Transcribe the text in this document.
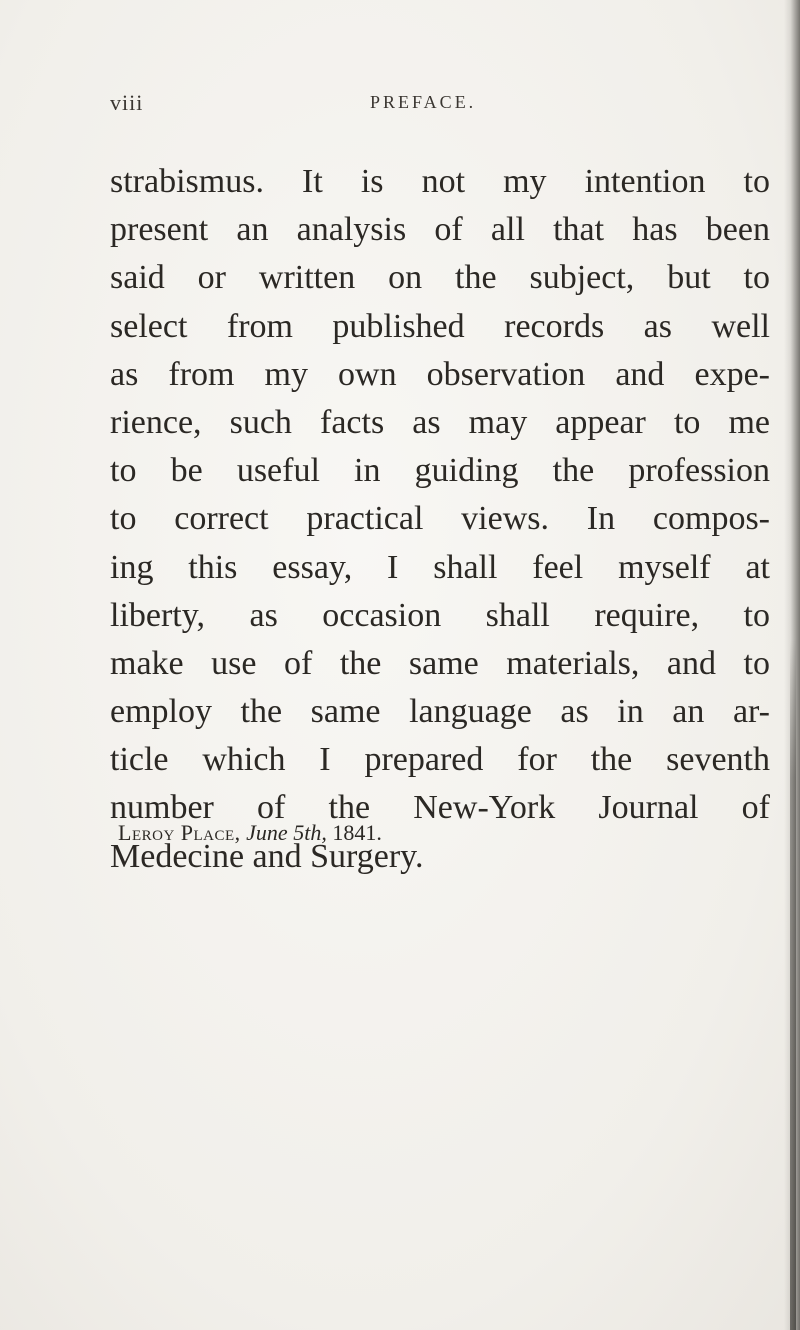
viii	PREFACE.
strabismus. It is not my intention to
present an analysis of all that has been
said or written on the subject, but to
select from published records as well
as from my own observation and expe-
rience, such facts as may appear to me
to be useful in guiding the profession
to correct practical views. In compos-
ing this essay, I shall feel myself at
liberty, as occasion shall require, to
make use of the same materials, and to
employ the same language as in an ar-
ticle which I prepared for the seventh
number of the New-York Journal of
Medecine and Surgery.
Leroy Place, June 5th, 1841.
